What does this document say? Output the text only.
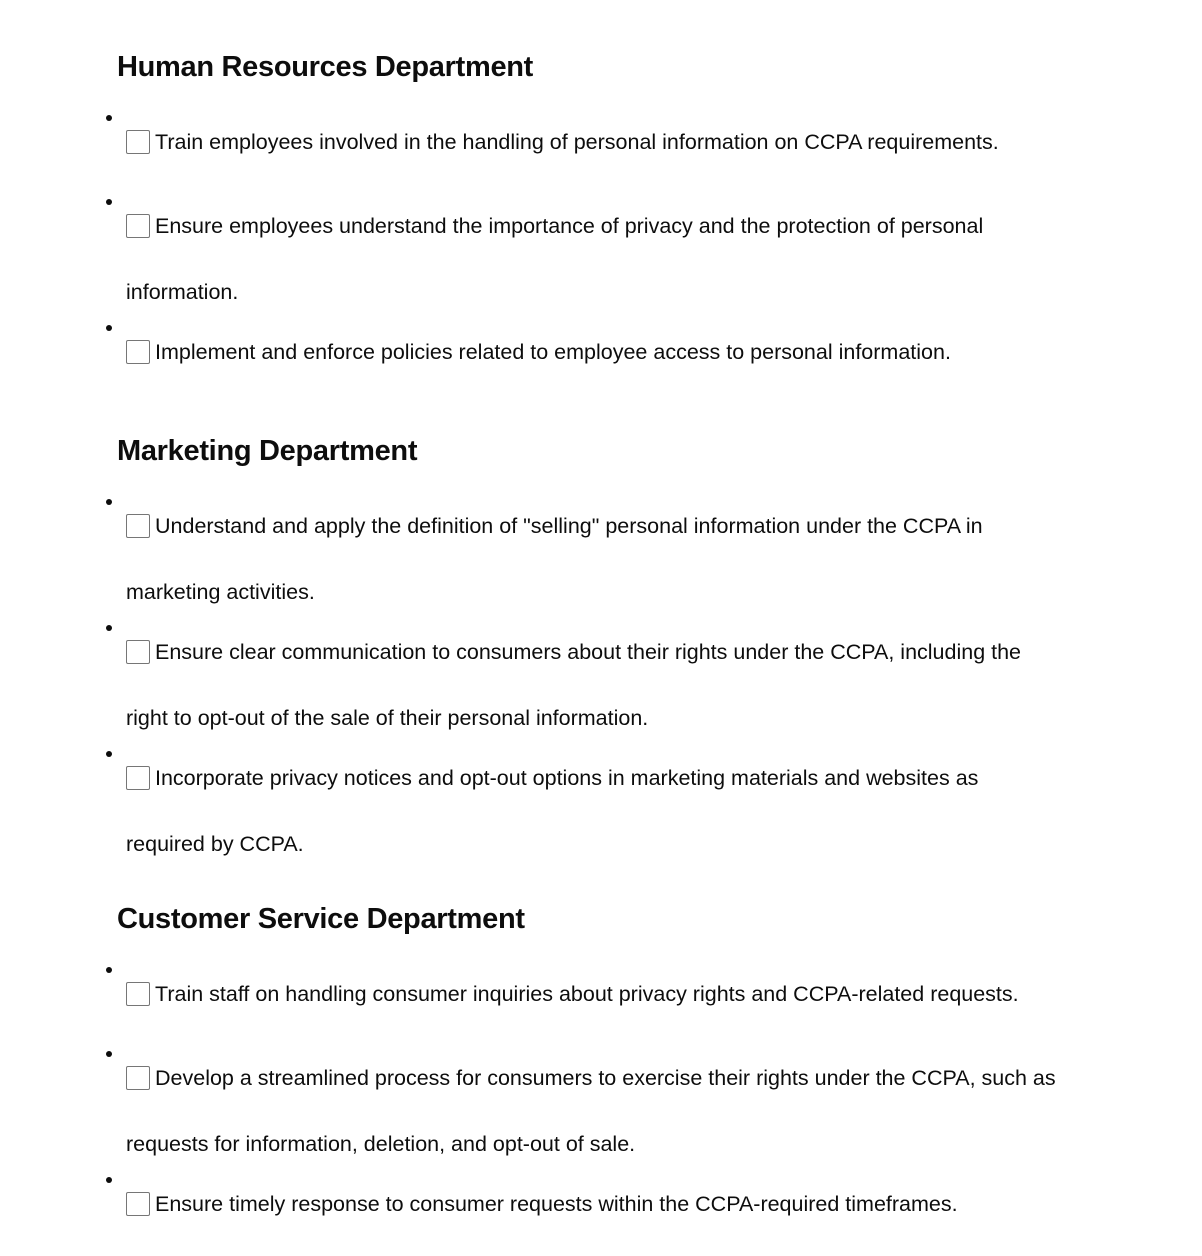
Human Resources Department
Train employees involved in the handling of personal information on CCPA requirements.
Ensure employees understand the importance of privacy and the protection of personal
information.
Implement and enforce policies related to employee access to personal information.
Marketing Department
Understand and apply the definition of "selling" personal information under the CCPA in
marketing activities.
Ensure clear communication to consumers about their rights under the CCPA, including the
right to opt-out of the sale of their personal information.
Incorporate privacy notices and opt-out options in marketing materials and websites as
required by CCPA.
Customer Service Department
Train staff on handling consumer inquiries about privacy rights and CCPA-related requests.
Develop a streamlined process for consumers to exercise their rights under the CCPA, such as
requests for information, deletion, and opt-out of sale.
Ensure timely response to consumer requests within the CCPA-required timeframes.
